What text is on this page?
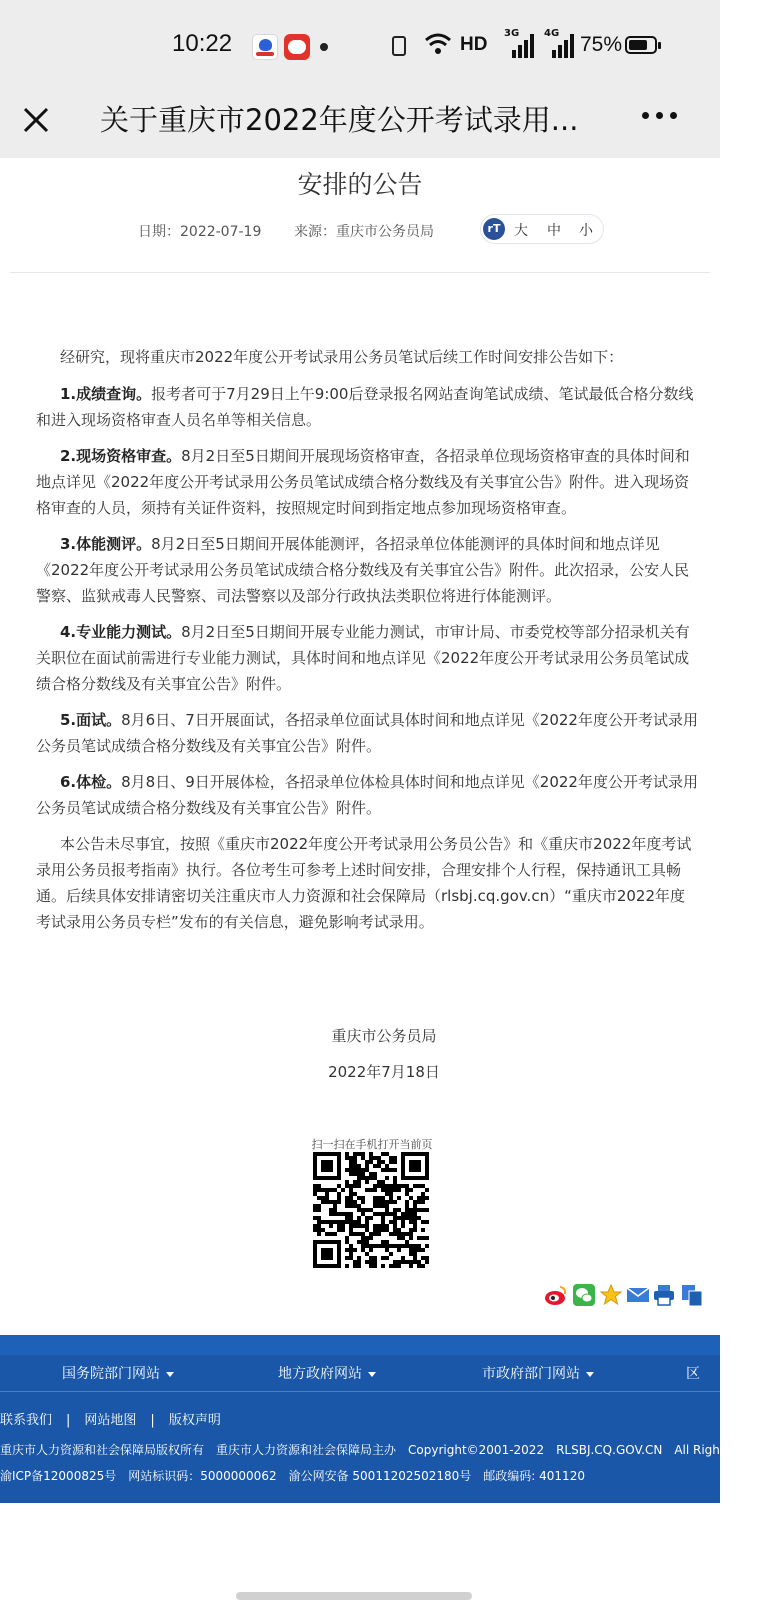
10:22	HD
3G 4G 75%
关于重庆市2022年度公开考试录用...
安排的公告
日期：2022-07-19 来源：重庆市公务员局	rT 大 中 小

经研究，现将重庆市2022年度公开考试录用公务员笔试后续工作时间安排公告如下：

1.成绩查询。报考者可于7月29日上午9:00后登录报名网站查询笔试成绩、笔试最低合格分数线和进入现场资格审查人员名单等相关信息。

2.现场资格审查。8月2日至5日期间开展现场资格审查，各招录单位现场资格审查的具体时间和地点详见《2022年度公开考试录用公务员笔试成绩合格分数线及有关事宜公告》附件。进入现场资格审查的人员，须持有关证件资料，按照规定时间到指定地点参加现场资格审查。

3.体能测评。8月2日至5日期间开展体能测评，各招录单位体能测评的具体时间和地点详见《2022年度公开考试录用公务员笔试成绩合格分数线及有关事宜公告》附件。此次招录，公安人民警察、监狱戒毒人民警察、司法警察以及部分行政执法类职位将进行体能测评。

4.专业能力测试。8月2日至5日期间开展专业能力测试，市审计局、市委党校等部分招录机关有关职位在面试前需进行专业能力测试，具体时间和地点详见《2022年度公开考试录用公务员笔试成绩合格分数线及有关事宜公告》附件。

5.面试。8月6日、7日开展面试，各招录单位面试具体时间和地点详见《2022年度公开考试录用公务员笔试成绩合格分数线及有关事宜公告》附件。

6.体检。8月8日、9日开展体检，各招录单位体检具体时间和地点详见《2022年度公开考试录用公务员笔试成绩合格分数线及有关事宜公告》附件。

本公告未尽事宜，按照《重庆市2022年度公开考试录用公务员公告》和《重庆市2022年度考试录用公务员报考指南》执行。各位考生可参考上述时间安排，合理安排个人行程，保持通讯工具畅通。后续具体安排请密切关注重庆市人力资源和社会保障局（rlsbj.cq.gov.cn）“重庆市2022年度考试录用公务员专栏”发布的有关信息，避免影响考试录用。

重庆市公务员局
2022年7月18日
扫一扫在手机打开当前页
国务院部门网站	地方政府网站	市政府部门网站	区
联系我们 | 网站地图 | 版权声明
重庆市人力资源和社会保障局版权所有 重庆市人力资源和社会保障局主办 Copyright©2001-2022 RLSBJ.CQ.GOV.CN All Rights
渝ICP备12000825号 网站标识码：5000000062 渝公网安备 50011202502180号 邮政编码: 401120
